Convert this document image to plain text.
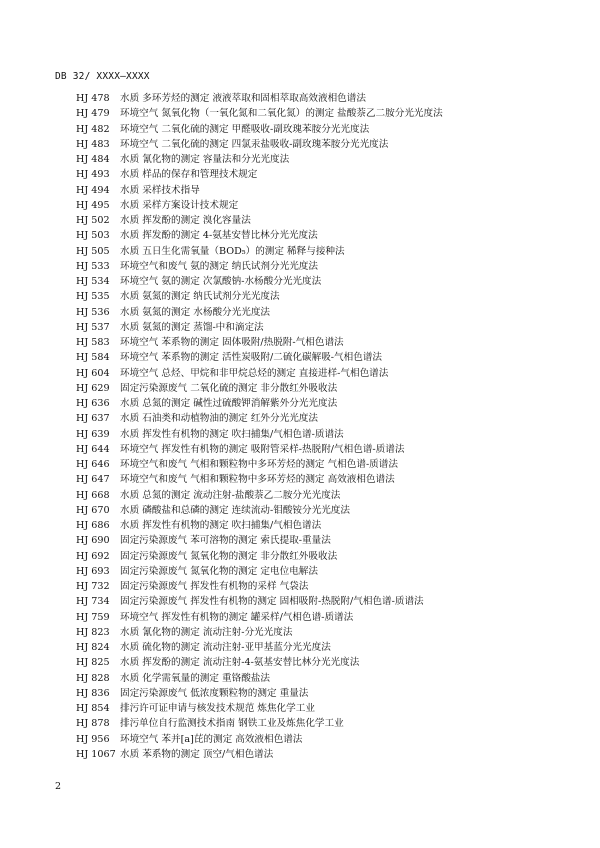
DB 32/ XXXX—XXXX
HJ 478	水质 多环芳烃的测定 液液萃取和固相萃取高效液相色谱法
HJ 479	环境空气 氮氧化物（一氧化氮和二氧化氮）的测定 盐酸萘乙二胺分光光度法
HJ 482	环境空气 二氧化硫的测定 甲醛吸收-副玫瑰苯胺分光光度法
HJ 483	环境空气 二氧化硫的测定 四氯汞盐吸收-副玫瑰苯胺分光光度法
HJ 484	水质 氰化物的测定 容量法和分光光度法
HJ 493	水质 样品的保存和管理技术规定
HJ 494	水质 采样技术指导
HJ 495	水质 采样方案设计技术规定
HJ 502	水质 挥发酚的测定 溴化容量法
HJ 503	水质 挥发酚的测定 4-氨基安替比林分光光度法
HJ 505	水质 五日生化需氧量（BOD₅）的测定 稀释与接种法
HJ 533	环境空气和废气 氨的测定 纳氏试剂分光光度法
HJ 534	环境空气 氨的测定 次氯酸钠-水杨酸分光光度法
HJ 535	水质 氨氮的测定 纳氏试剂分光光度法
HJ 536	水质 氨氮的测定 水杨酸分光光度法
HJ 537	水质 氨氮的测定 蒸馏-中和滴定法
HJ 583	环境空气 苯系物的测定 固体吸附/热脱附-气相色谱法
HJ 584	环境空气 苯系物的测定 活性炭吸附/二硫化碳解吸-气相色谱法
HJ 604	环境空气 总烃、甲烷和非甲烷总烃的测定 直接进样-气相色谱法
HJ 629	固定污染源废气 二氧化硫的测定 非分散红外吸收法
HJ 636	水质 总氮的测定 碱性过硫酸钾消解紫外分光光度法
HJ 637	水质 石油类和动植物油的测定 红外分光光度法
HJ 639	水质 挥发性有机物的测定 吹扫捕集/气相色谱-质谱法
HJ 644	环境空气 挥发性有机物的测定 吸附管采样-热脱附/气相色谱-质谱法
HJ 646	环境空气和废气 气相和颗粒物中多环芳烃的测定 气相色谱-质谱法
HJ 647	环境空气和废气 气相和颗粒物中多环芳烃的测定 高效液相色谱法
HJ 668	水质 总氮的测定 流动注射-盐酸萘乙二胺分光光度法
HJ 670	水质 磷酸盐和总磷的测定 连续流动-钼酸铵分光光度法
HJ 686	水质 挥发性有机物的测定 吹扫捕集/气相色谱法
HJ 690	固定污染源废气 苯可溶物的测定 索氏提取-重量法
HJ 692	固定污染源废气 氮氧化物的测定 非分散红外吸收法
HJ 693	固定污染源废气 氮氧化物的测定 定电位电解法
HJ 732	固定污染源废气 挥发性有机物的采样 气袋法
HJ 734	固定污染源废气 挥发性有机物的测定 固相吸附-热脱附/气相色谱-质谱法
HJ 759	环境空气 挥发性有机物的测定 罐采样/气相色谱-质谱法
HJ 823	水质 氰化物的测定 流动注射-分光光度法
HJ 824	水质 硫化物的测定 流动注射-亚甲基蓝分光光度法
HJ 825	水质 挥发酚的测定 流动注射-4-氨基安替比林分光光度法
HJ 828	水质 化学需氧量的测定 重铬酸盐法
HJ 836	固定污染源废气 低浓度颗粒物的测定 重量法
HJ 854	排污许可证申请与核发技术规范 炼焦化学工业
HJ 878	排污单位自行监测技术指南 钢铁工业及炼焦化学工业
HJ 956	环境空气 苯并[a]芘的测定 高效液相色谱法
HJ 1067 水质 苯系物的测定 顶空/气相色谱法
2
